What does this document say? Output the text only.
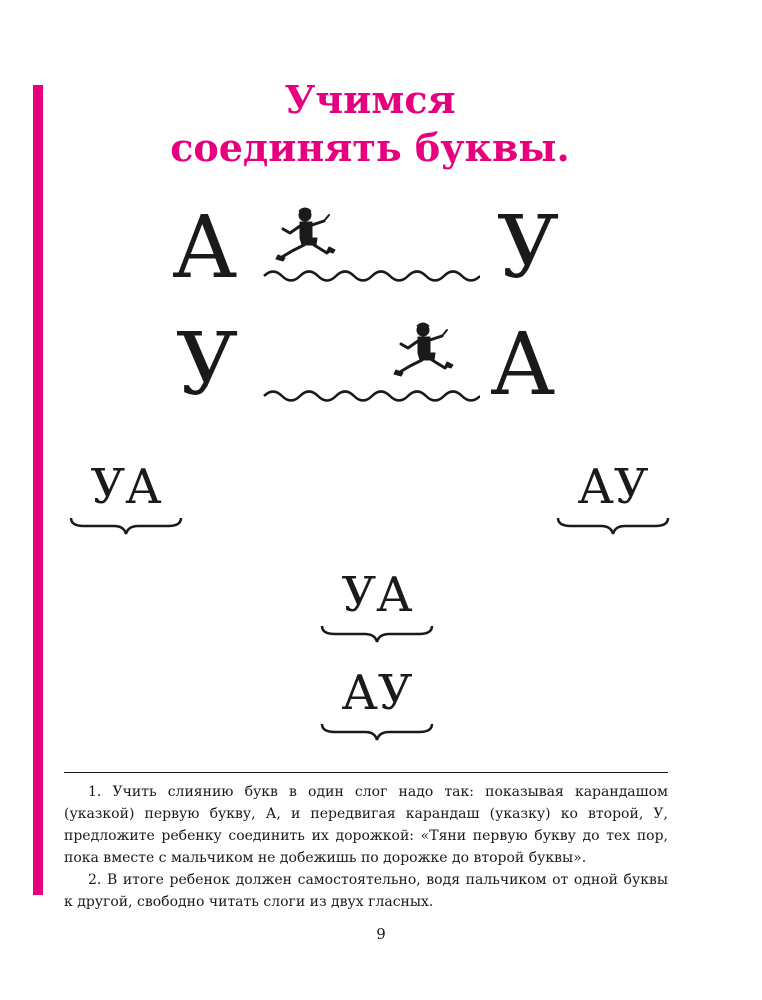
Учимся
соединять буквы.
А	У
У	А
УА	АУ
УА
АУ

1. Учить слиянию букв в один слог надо так: показывая карандашом (указкой) первую букву, А, и передвигая карандаш (указку) ко второй, У, предложите ребенку соединить их дорожкой: «Тяни первую букву до тех пор, пока вместе с мальчиком не добежишь по дорожке до второй буквы».

2. В итоге ребенок должен самостоятельно, водя пальчиком от одной буквы к другой, свободно читать слоги из двух гласных.

9
